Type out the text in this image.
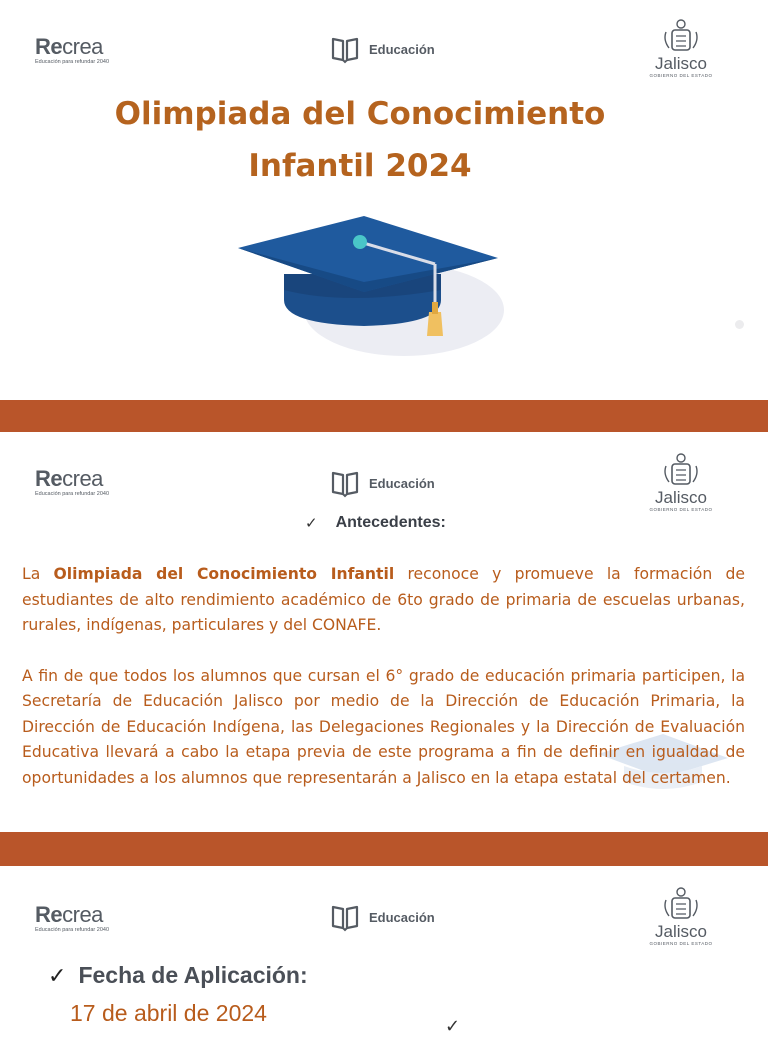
Recrea
Educación para refundar 2040
Educación
Jalisco
GOBIERNO DEL ESTADO
Olimpiada del Conocimiento
Infantil 2024
Recrea
Educación para refundar 2040
Educación
Jalisco
GOBIERNO DEL ESTADO
✓ Antecedentes:

La Olimpiada del Conocimiento Infantil reconoce y promueve la formación de estudiantes de alto rendimiento académico de 6to grado de primaria de escuelas urbanas, rurales, indígenas, particulares y del CONAFE.

A fin de que todos los alumnos que cursan el 6° grado de educación primaria participen, la Secretaría de Educación Jalisco por medio de la Dirección de Educación Primaria, la Dirección de Educación Indígena, las Delegaciones Regionales y la Dirección de Evaluación Educativa llevará a cabo la etapa previa de este programa a fin de definir en igualdad de oportunidades a los alumnos que representarán a Jalisco en la etapa estatal del certamen.

Recrea
Educación para refundar 2040
Educación
Jalisco
GOBIERNO DEL ESTADO
✓ Fecha de Aplicación:
17 de abril de 2024	✓
